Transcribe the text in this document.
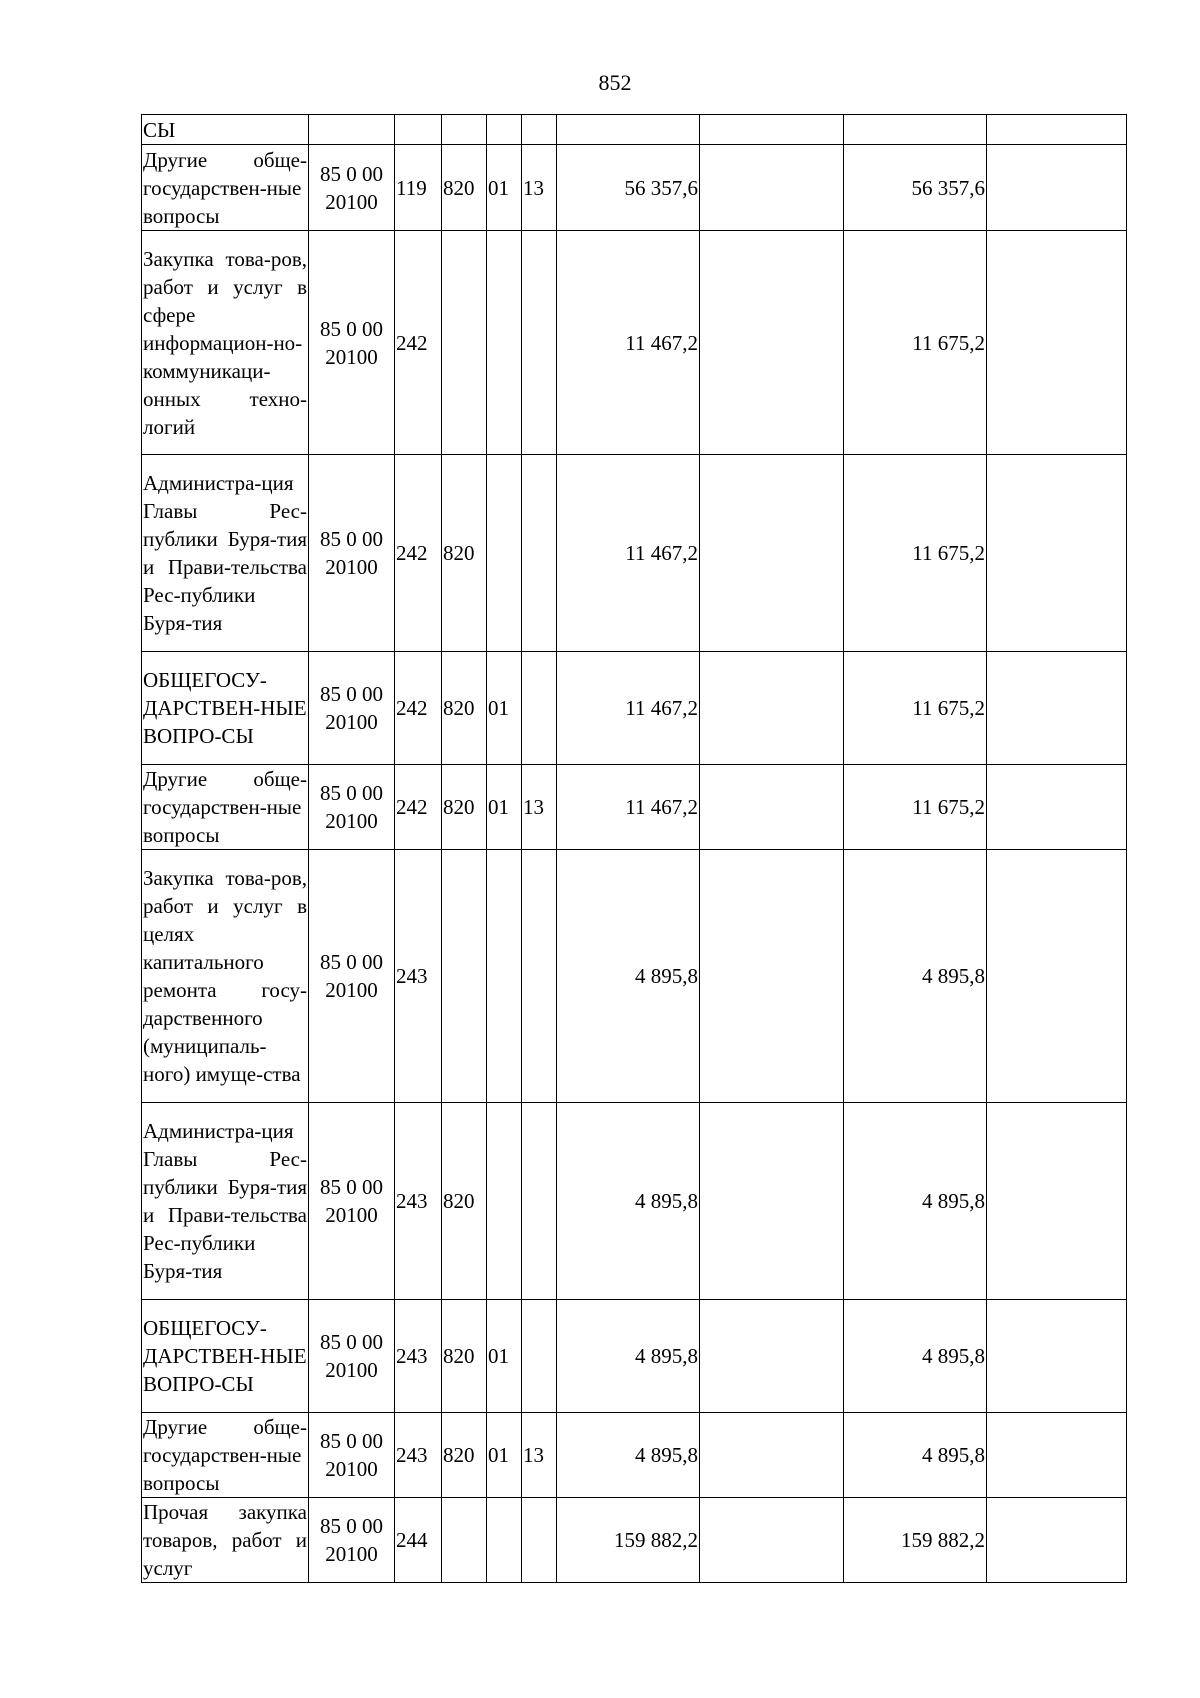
852
СЫ									
Другие обще-государствен-ные вопросы	85 0 00 20100	119	820	01	13	56 357,6		56 357,6	
Закупка това-ров, работ и услуг в сфере информацион-но-коммуникаци-онных техно-логий	85 0 00 20100	242				11 467,2		11 675,2	
Администра-ция Главы Рес-публики Буря-тия и Прави-тельства Рес-публики Буря-тия	85 0 00 20100	242	820			11 467,2		11 675,2	
ОБЩЕГОСУ-ДАРСТВЕН-НЫЕ ВОПРО-СЫ	85 0 00 20100	242	820	01		11 467,2		11 675,2	
Другие обще-государствен-ные вопросы	85 0 00 20100	242	820	01	13	11 467,2		11 675,2	
Закупка това-ров, работ и услуг в целях капитального ремонта госу-дарственного (муниципаль-ного) имуще-ства	85 0 00 20100	243				4 895,8		4 895,8	
Администра-ция Главы Рес-публики Буря-тия и Прави-тельства Рес-публики Буря-тия	85 0 00 20100	243	820			4 895,8		4 895,8	
ОБЩЕГОСУ-ДАРСТВЕН-НЫЕ ВОПРО-СЫ	85 0 00 20100	243	820	01		4 895,8		4 895,8	
Другие обще-государствен-ные вопросы	85 0 00 20100	243	820	01	13	4 895,8		4 895,8	
Прочая закупка товаров, работ и услуг	85 0 00 20100	244				159 882,2		159 882,2	
